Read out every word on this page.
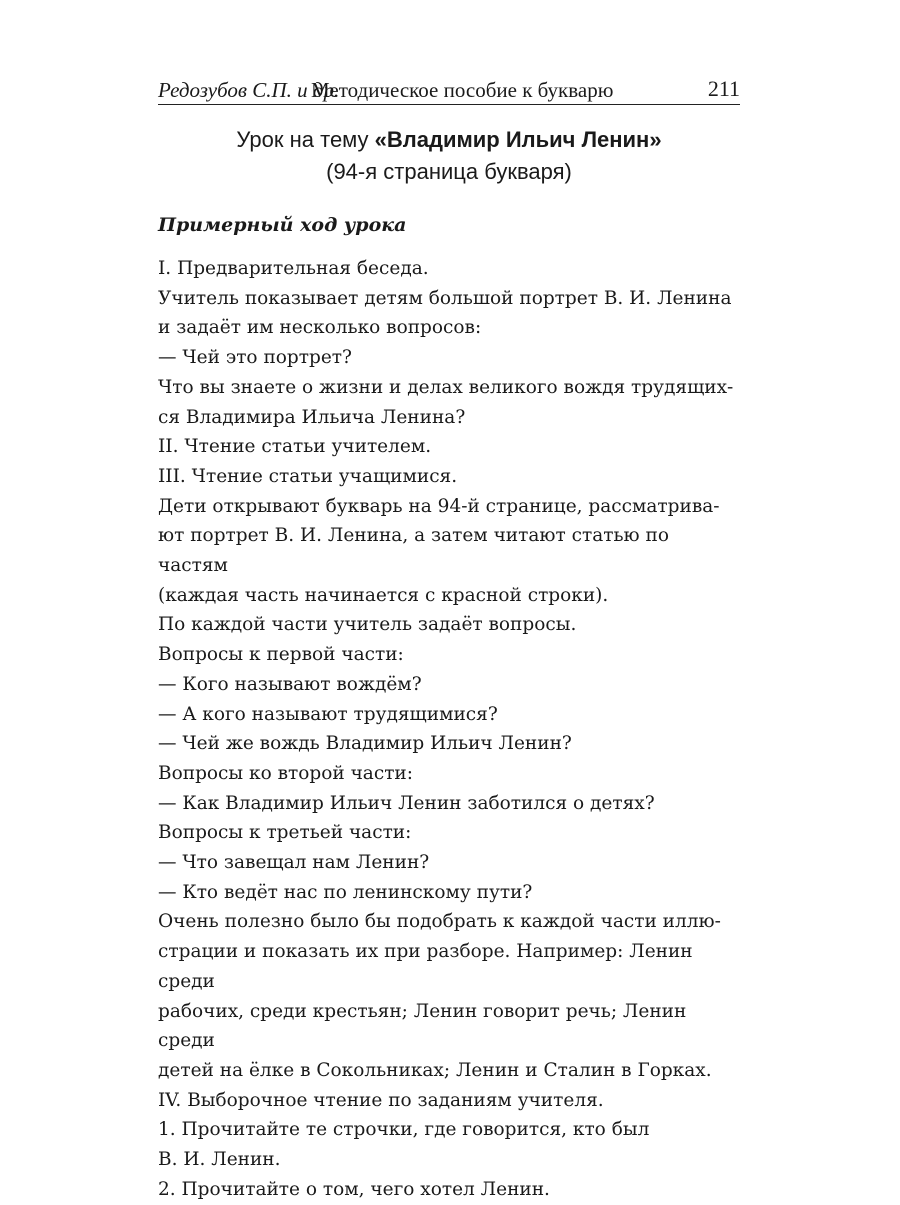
Редозубов С.П. и др.
Методическое пособие к букварю	211
Урок на тему «Владимир Ильич Ленин»
(94-я страница букваря)
Примерный ход урока

I. Предварительная беседа.

Учитель показывает детям большой портрет В. И. Ленина

и задаёт им несколько вопросов:

— Чей это портрет?

Что вы знаете о жизни и делах великого вождя трудящих-

ся Владимира Ильича Ленина?

II. Чтение статьи учителем.

III. Чтение статьи учащимися.

Дети открывают букварь на 94-й странице, рассматрива-

ют портрет В. И. Ленина, а затем читают статью по частям

(каждая часть начинается с красной строки).

По каждой части учитель задаёт вопросы.

Вопросы к первой части:

— Кого называют вождём?

— А кого называют трудящимися?

— Чей же вождь Владимир Ильич Ленин?

Вопросы ко второй части:

— Как Владимир Ильич Ленин заботился о детях?

Вопросы к третьей части:

— Что завещал нам Ленин?

— Кто ведёт нас по ленинскому пути?

Очень полезно было бы подобрать к каждой части иллю-

страции и показать их при разборе. Например: Ленин среди

рабочих, среди крестьян; Ленин говорит речь; Ленин среди

детей на ёлке в Сокольниках; Ленин и Сталин в Горках.

IV. Выборочное чтение по заданиям учителя.

1. Прочитайте те строчки, где говорится, кто был

В. И. Ленин.

2. Прочитайте о том, чего хотел Ленин.
